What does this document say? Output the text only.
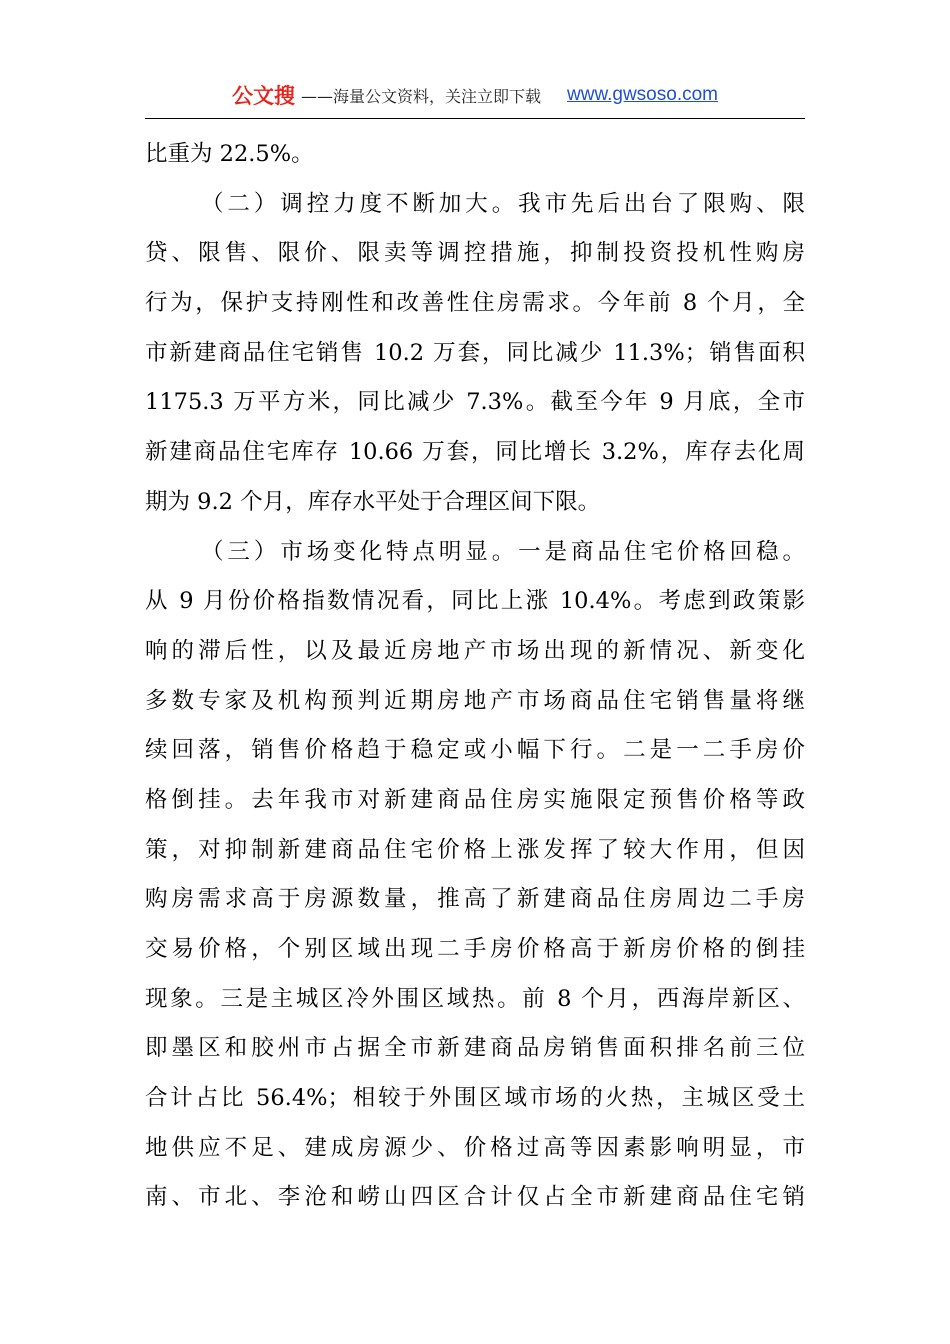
公文搜 ——海量公文资料，关注立即下载 www.gwsoso.com
比重为 22.5%。
（二）调控力度不断加大。我市先后出台了限购、限
贷、限售、限价、限卖等调控措施，抑制投资投机性购房
行为，保护支持刚性和改善性住房需求。今年前 8 个月，全
市新建商品住宅销售 10.2 万套，同比减少 11.3%；销售面积
1175.3 万平方米，同比减少 7.3%。截至今年 9 月底，全市
新建商品住宅库存 10.66 万套，同比增长 3.2%，库存去化周
期为 9.2 个月，库存水平处于合理区间下限。
（三）市场变化特点明显。一是商品住宅价格回稳。
从 9 月份价格指数情况看，同比上涨 10.4%。考虑到政策影
响的滞后性，以及最近房地产市场出现的新情况、新变化
多数专家及机构预判近期房地产市场商品住宅销售量将继
续回落，销售价格趋于稳定或小幅下行。二是一二手房价
格倒挂。去年我市对新建商品住房实施限定预售价格等政
策，对抑制新建商品住宅价格上涨发挥了较大作用，但因
购房需求高于房源数量，推高了新建商品住房周边二手房
交易价格，个别区域出现二手房价格高于新房价格的倒挂
现象。三是主城区冷外围区域热。前 8 个月，西海岸新区、
即墨区和胶州市占据全市新建商品房销售面积排名前三位
合计占比 56.4%；相较于外围区域市场的火热，主城区受土
地供应不足、建成房源少、价格过高等因素影响明显，市
南、市北、李沧和崂山四区合计仅占全市新建商品住宅销
